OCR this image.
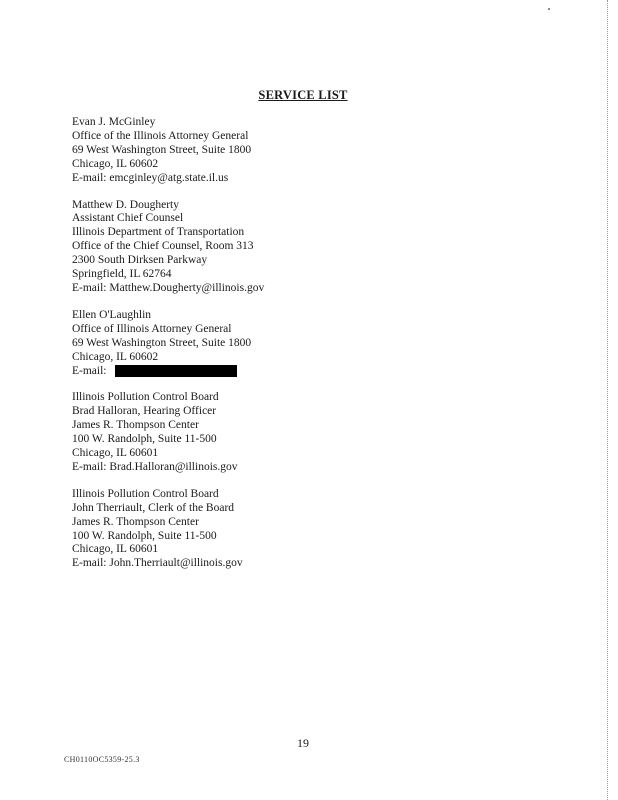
SERVICE LIST
Evan J. McGinley
Office of the Illinois Attorney General
69 West Washington Street, Suite 1800
Chicago, IL 60602
E-mail: emcginley@atg.state.il.us
Matthew D. Dougherty
Assistant Chief Counsel
Illinois Department of Transportation
Office of the Chief Counsel, Room 313
2300 South Dirksen Parkway
Springfield, IL 62764
E-mail: Matthew.Dougherty@illinois.gov
Ellen O'Laughlin
Office of Illinois Attorney General
69 West Washington Street, Suite 1800
Chicago, IL 60602
E-mail:
Illinois Pollution Control Board
Brad Halloran, Hearing Officer
James R. Thompson Center
100 W. Randolph, Suite 11-500
Chicago, IL 60601
E-mail: Brad.Halloran@illinois.gov
Illinois Pollution Control Board
John Therriault, Clerk of the Board
James R. Thompson Center
100 W. Randolph, Suite 11-500
Chicago, IL 60601
E-mail: John.Therriault@illinois.gov
19
CH0110OC5359-25.3
